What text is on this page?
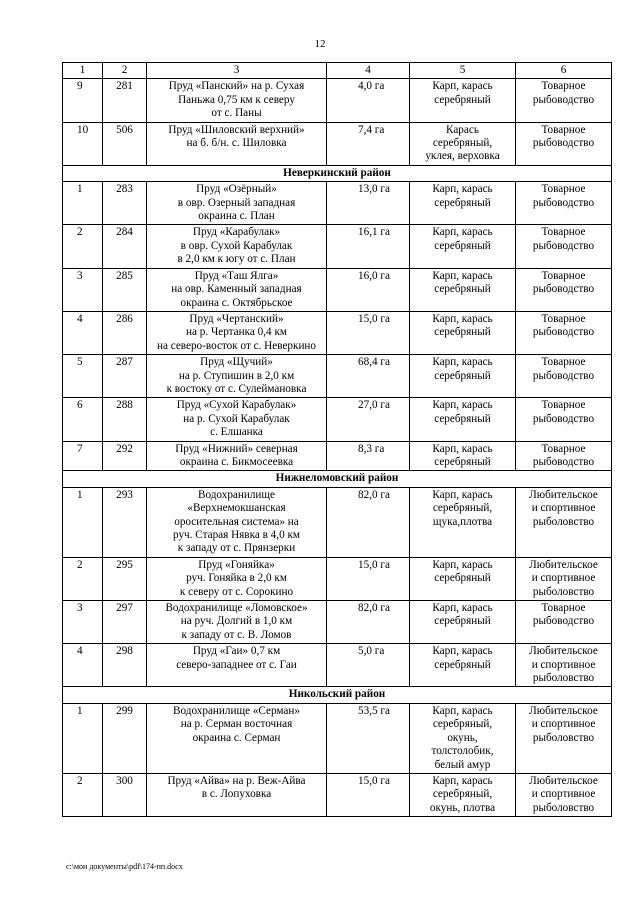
12
1	2	3	4	5	6
9	281	Пруд «Панский» на р. Сухая
Паньжа 0,75 км к северу
от с. Паны	4,0 га	Карп, карась
серебряный	Товарное
рыбоводство

10	506	Пруд «Шиловский верхний»
на б. б/н. с. Шиловка	7,4 га	Карась
серебряный,
уклея, верховка	Товарное
рыбоводство

Неверкинский район					
1	283	Пруд «Озёрный»
в овр. Озерный западная
окраина с. План	13,0 га	Карп, карась
серебряный	Товарное
рыбоводство

2	284	Пруд «Карабулак»
в овр. Сухой Карабулак
в 2,0 км к югу от с. План	16,1 га	Карп, карась
серебряный	Товарное
рыбоводство

3	285	Пруд «Таш Ялга»
на овр. Каменный западная
окраина с. Октябрьское	16,0 га	Карп, карась
серебряный	Товарное
рыбоводство

4	286	Пруд «Чертанский»
на р. Чертанка 0,4 км
на северо-восток от с. Неверкино	15,0 га	Карп, карась
серебряный	Товарное
рыбоводство

5	287	Пруд «Щучий»
на р. Ступишин в 2,0 км
к востоку от с. Сулеймановка	68,4 га	Карп, карась
серебряный	Товарное
рыбоводство

6	288	Пруд «Сухой Карабулак»
на р. Сухой Карабулак
с. Елшанка	27,0 га	Карп, карась
серебряный	Товарное
рыбоводство

7	292	Пруд «Нижний» северная
окраина с. Бикмосеевка	8,3 га	Карп, карась
серебряный	Товарное
рыбоводство

Нижнеломовский район					
1	293	Водохранилище
«Верхнемокшанская
оросительная система» на
руч. Старая Нявка в 4,0 км
к западу от с. Прянзерки	82,0 га	Карп, карась
серебряный,
щука,плотва	Любительское
и спортивное
рыболовство

2	295	Пруд «Гоняйка»
руч. Гоняйка в 2,0 км
к северу от с. Сорокино	15,0 га	Карп, карась
серебряный	Любительское
и спортивное
рыболовство

3	297	Водохранилище «Ломовское»
на руч. Долгий в 1,0 км
к западу от с. В. Ломов	82,0 га	Карп, карась
серебряный	Товарное
рыбоводство

4	298	Пруд «Гаи» 0,7 км
северо-западнее от с. Гаи	5,0 га	Карп, карась
серебряный	Любительское
и спортивное
рыболовство

Никольский район					
1	299	Водохранилище «Серман»
на р. Серман восточная
окраина с. Серман	53,5 га	Карп, карась
серебряный,
окунь,
толстолобик,
белый амур	Любительское
и спортивное
рыболовство

2	300	Пруд «Айва» на р. Веж-Айва
в с. Лопуховка	15,0 га	Карп, карась
серебряный,
окунь, плотва	Любительское
и спортивное
рыболовство
c:\мои документы\pdf\174-пп.docx
